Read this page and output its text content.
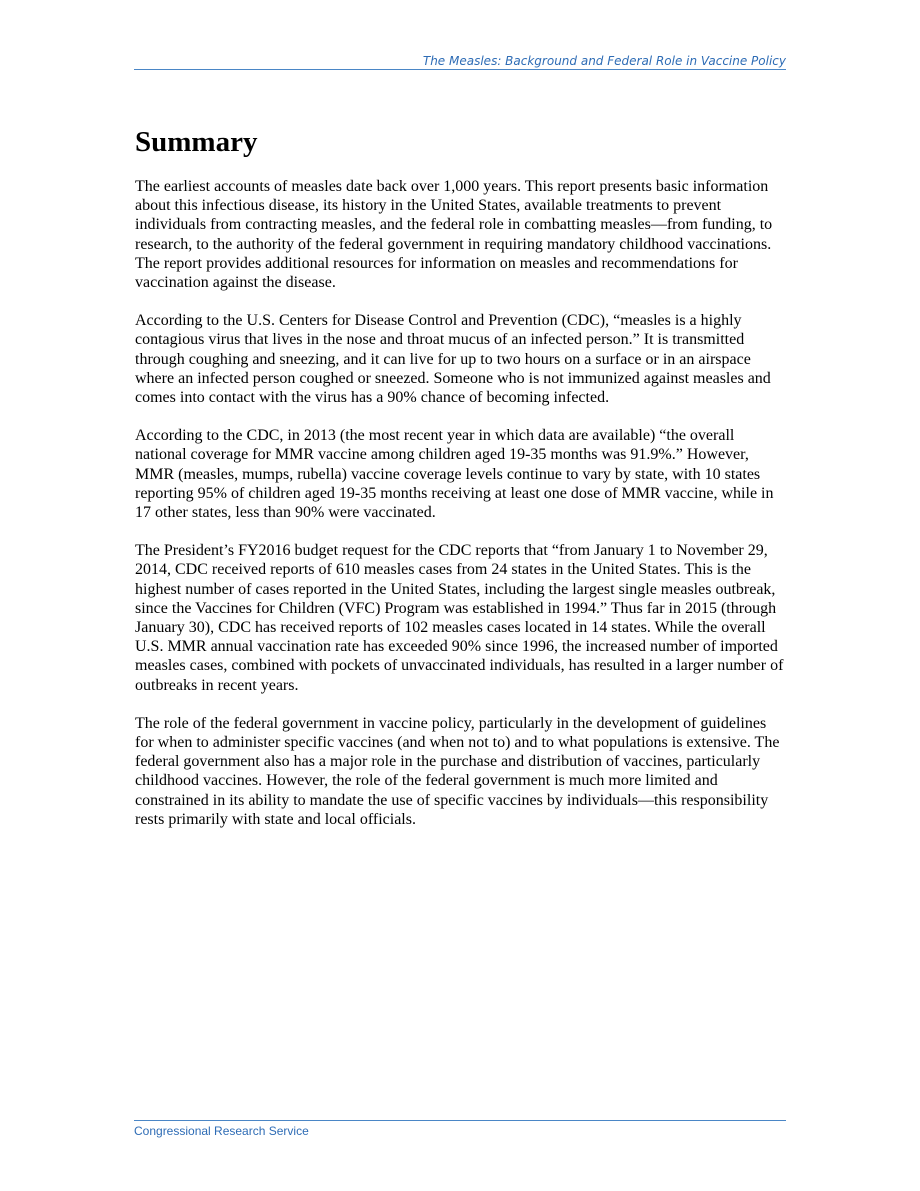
The Measles: Background and Federal Role in Vaccine Policy
Summary

The earliest accounts of measles date back over 1,000 years. This report presents basic information about this infectious disease, its history in the United States, available treatments to prevent individuals from contracting measles, and the federal role in combatting measles—from funding, to research, to the authority of the federal government in requiring mandatory childhood vaccinations. The report provides additional resources for information on measles and recommendations for vaccination against the disease.

According to the U.S. Centers for Disease Control and Prevention (CDC), “measles is a highly contagious virus that lives in the nose and throat mucus of an infected person.” It is transmitted through coughing and sneezing, and it can live for up to two hours on a surface or in an airspace where an infected person coughed or sneezed. Someone who is not immunized against measles and comes into contact with the virus has a 90% chance of becoming infected.

According to the CDC, in 2013 (the most recent year in which data are available) “the overall national coverage for MMR vaccine among children aged 19-35 months was 91.9%.” However, MMR (measles, mumps, rubella) vaccine coverage levels continue to vary by state, with 10 states reporting 95% of children aged 19-35 months receiving at least one dose of MMR vaccine, while in 17 other states, less than 90% were vaccinated.

The President’s FY2016 budget request for the CDC reports that “from January 1 to November 29, 2014, CDC received reports of 610 measles cases from 24 states in the United States. This is the highest number of cases reported in the United States, including the largest single measles outbreak, since the Vaccines for Children (VFC) Program was established in 1994.” Thus far in 2015 (through January 30), CDC has received reports of 102 measles cases located in 14 states. While the overall U.S. MMR annual vaccination rate has exceeded 90% since 1996, the increased number of imported measles cases, combined with pockets of unvaccinated individuals, has resulted in a larger number of outbreaks in recent years.

The role of the federal government in vaccine policy, particularly in the development of guidelines for when to administer specific vaccines (and when not to) and to what populations is extensive. The federal government also has a major role in the purchase and distribution of vaccines, particularly childhood vaccines. However, the role of the federal government is much more limited and constrained in its ability to mandate the use of specific vaccines by individuals—this responsibility rests primarily with state and local officials.

Congressional Research Service
